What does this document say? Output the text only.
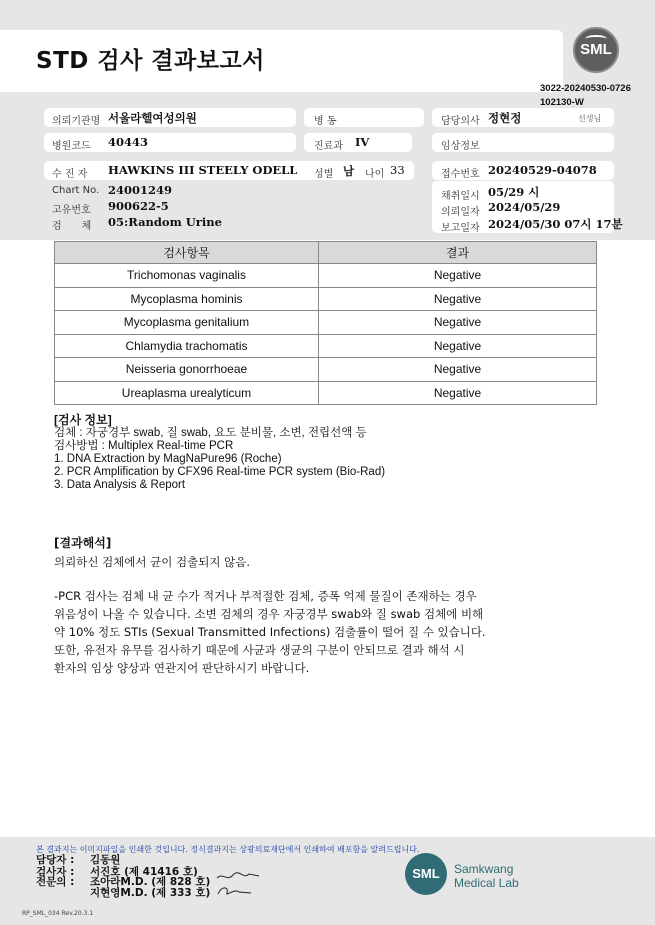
STD 검사 결과보고서	SML
3022-20240530-0726
102130-W
의뢰기관명 서울라헬여성의원	병 동	담당의사 정현정	선생님
병원코드 40443	진료과 IV	임상정보
수 진 자 HAWKINS III STEELY ODELL 성별 남 나이 33	접수번호 20240529-04078
Chart No. 24001249
고유번호 900622-5
검　　체 05:Random Urine
채취일시 05/29 시
의뢰일자 2024/05/29
보고일자 2024/05/30 07시 17분
검사항목	결과
Trichomonas vaginalis	Negative
Mycoplasma hominis	Negative
Mycoplasma genitalium	Negative
Chlamydia trachomatis	Negative
Neisseria gonorrhoeae	Negative
Ureaplasma urealyticum	Negative
[검사 정보]
검체 : 자궁경부 swab, 질 swab, 요도 분비물, 소변, 전립선액 등
검사방법 : Multiplex Real-time PCR
1. DNA Extraction by MagNaPure96 (Roche)
2. PCR Amplification by CFX96 Real-time PCR system (Bio-Rad)
3. Data Analysis & Report
[결과해석]
의뢰하신 검체에서 균이 검출되지 않음.
-PCR 검사는 검체 내 균 수가 적거나 부적절한 검체, 증폭 억제 물질이 존재하는 경우
위음성이 나올 수 있습니다. 소변 검체의 경우 자궁경부 swab와 질 swab 검체에 비해
약 10% 정도 STIs (Sexual Transmitted Infections) 검출률이 떨어 질 수 있습니다.
또한, 유전자 유무를 검사하기 때문에 사균과 생균의 구분이 안되므로 결과 해석 시
환자의 임상 양상과 연관지어 판단하시기 바랍니다.
본 결과지는 이미지파일을 인쇄한 것입니다. 정식결과지는 상광의료재단에서 인쇄하여 배포함을 알려드립니다.
담당자 : 김동원
검사자 : 서진호 (제 41416 호)
전문의 : 조아라M.D. (제 828 호)
지현영M.D. (제 333 호)
SML	Samkwang
Medical Lab
RP_SML_034 Rev.20.3.1
